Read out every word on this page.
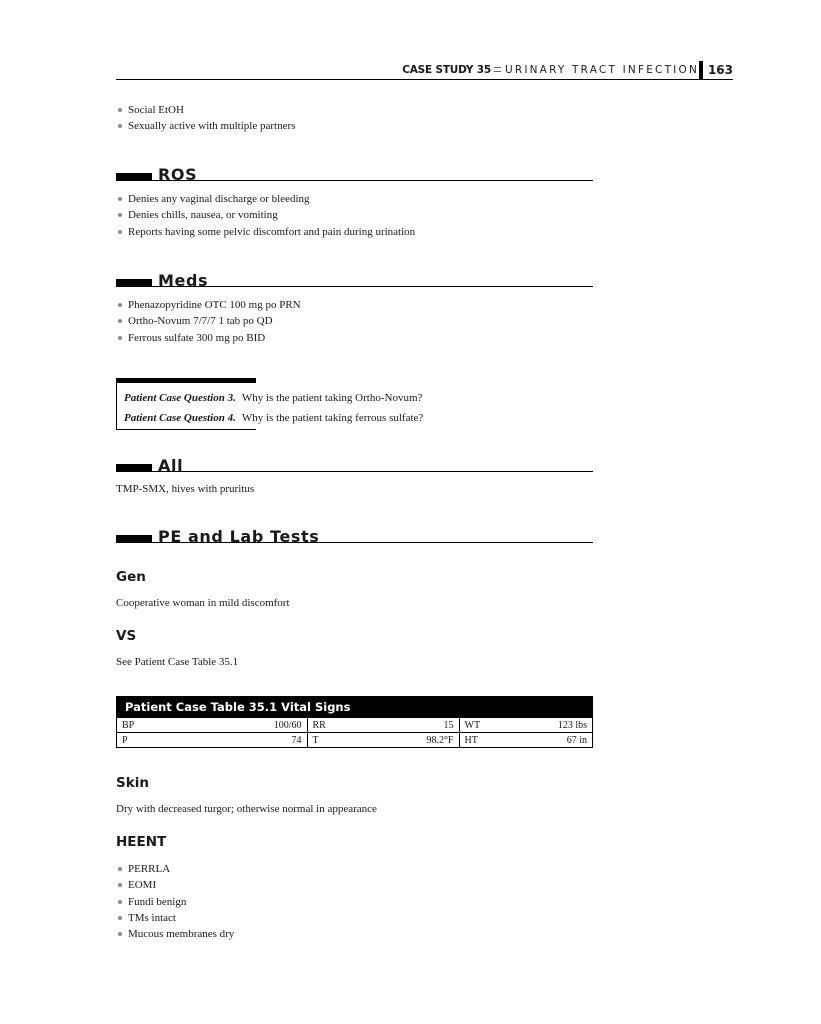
CASE STUDY 35 URINARY TRACT INFECTION 163
Social EtOH
Sexually active with multiple partners
ROS
Denies any vaginal discharge or bleeding
Denies chills, nausea, or vomiting
Reports having some pelvic discomfort and pain during urination
Meds
Phenazopyridine OTC 100 mg po PRN
Ortho-Novum 7/7/7 1 tab po QD
Ferrous sulfate 300 mg po BID
Patient Case Question 3. Why is the patient taking Ortho-Novum?
Patient Case Question 4. Why is the patient taking ferrous sulfate?
All
TMP-SMX, hives with pruritus
PE and Lab Tests
Gen
Cooperative woman in mild discomfort
VS
See Patient Case Table 35.1
Patient Case Table 35.1 Vital Signs
BP	100/60	RR	15	WT	123 lbs
P	74	T	98.2°F	HT	67 in
Skin
Dry with decreased turgor; otherwise normal in appearance
HEENT
PERRLA
EOMI
Fundi benign
TMs intact
Mucous membranes dry
